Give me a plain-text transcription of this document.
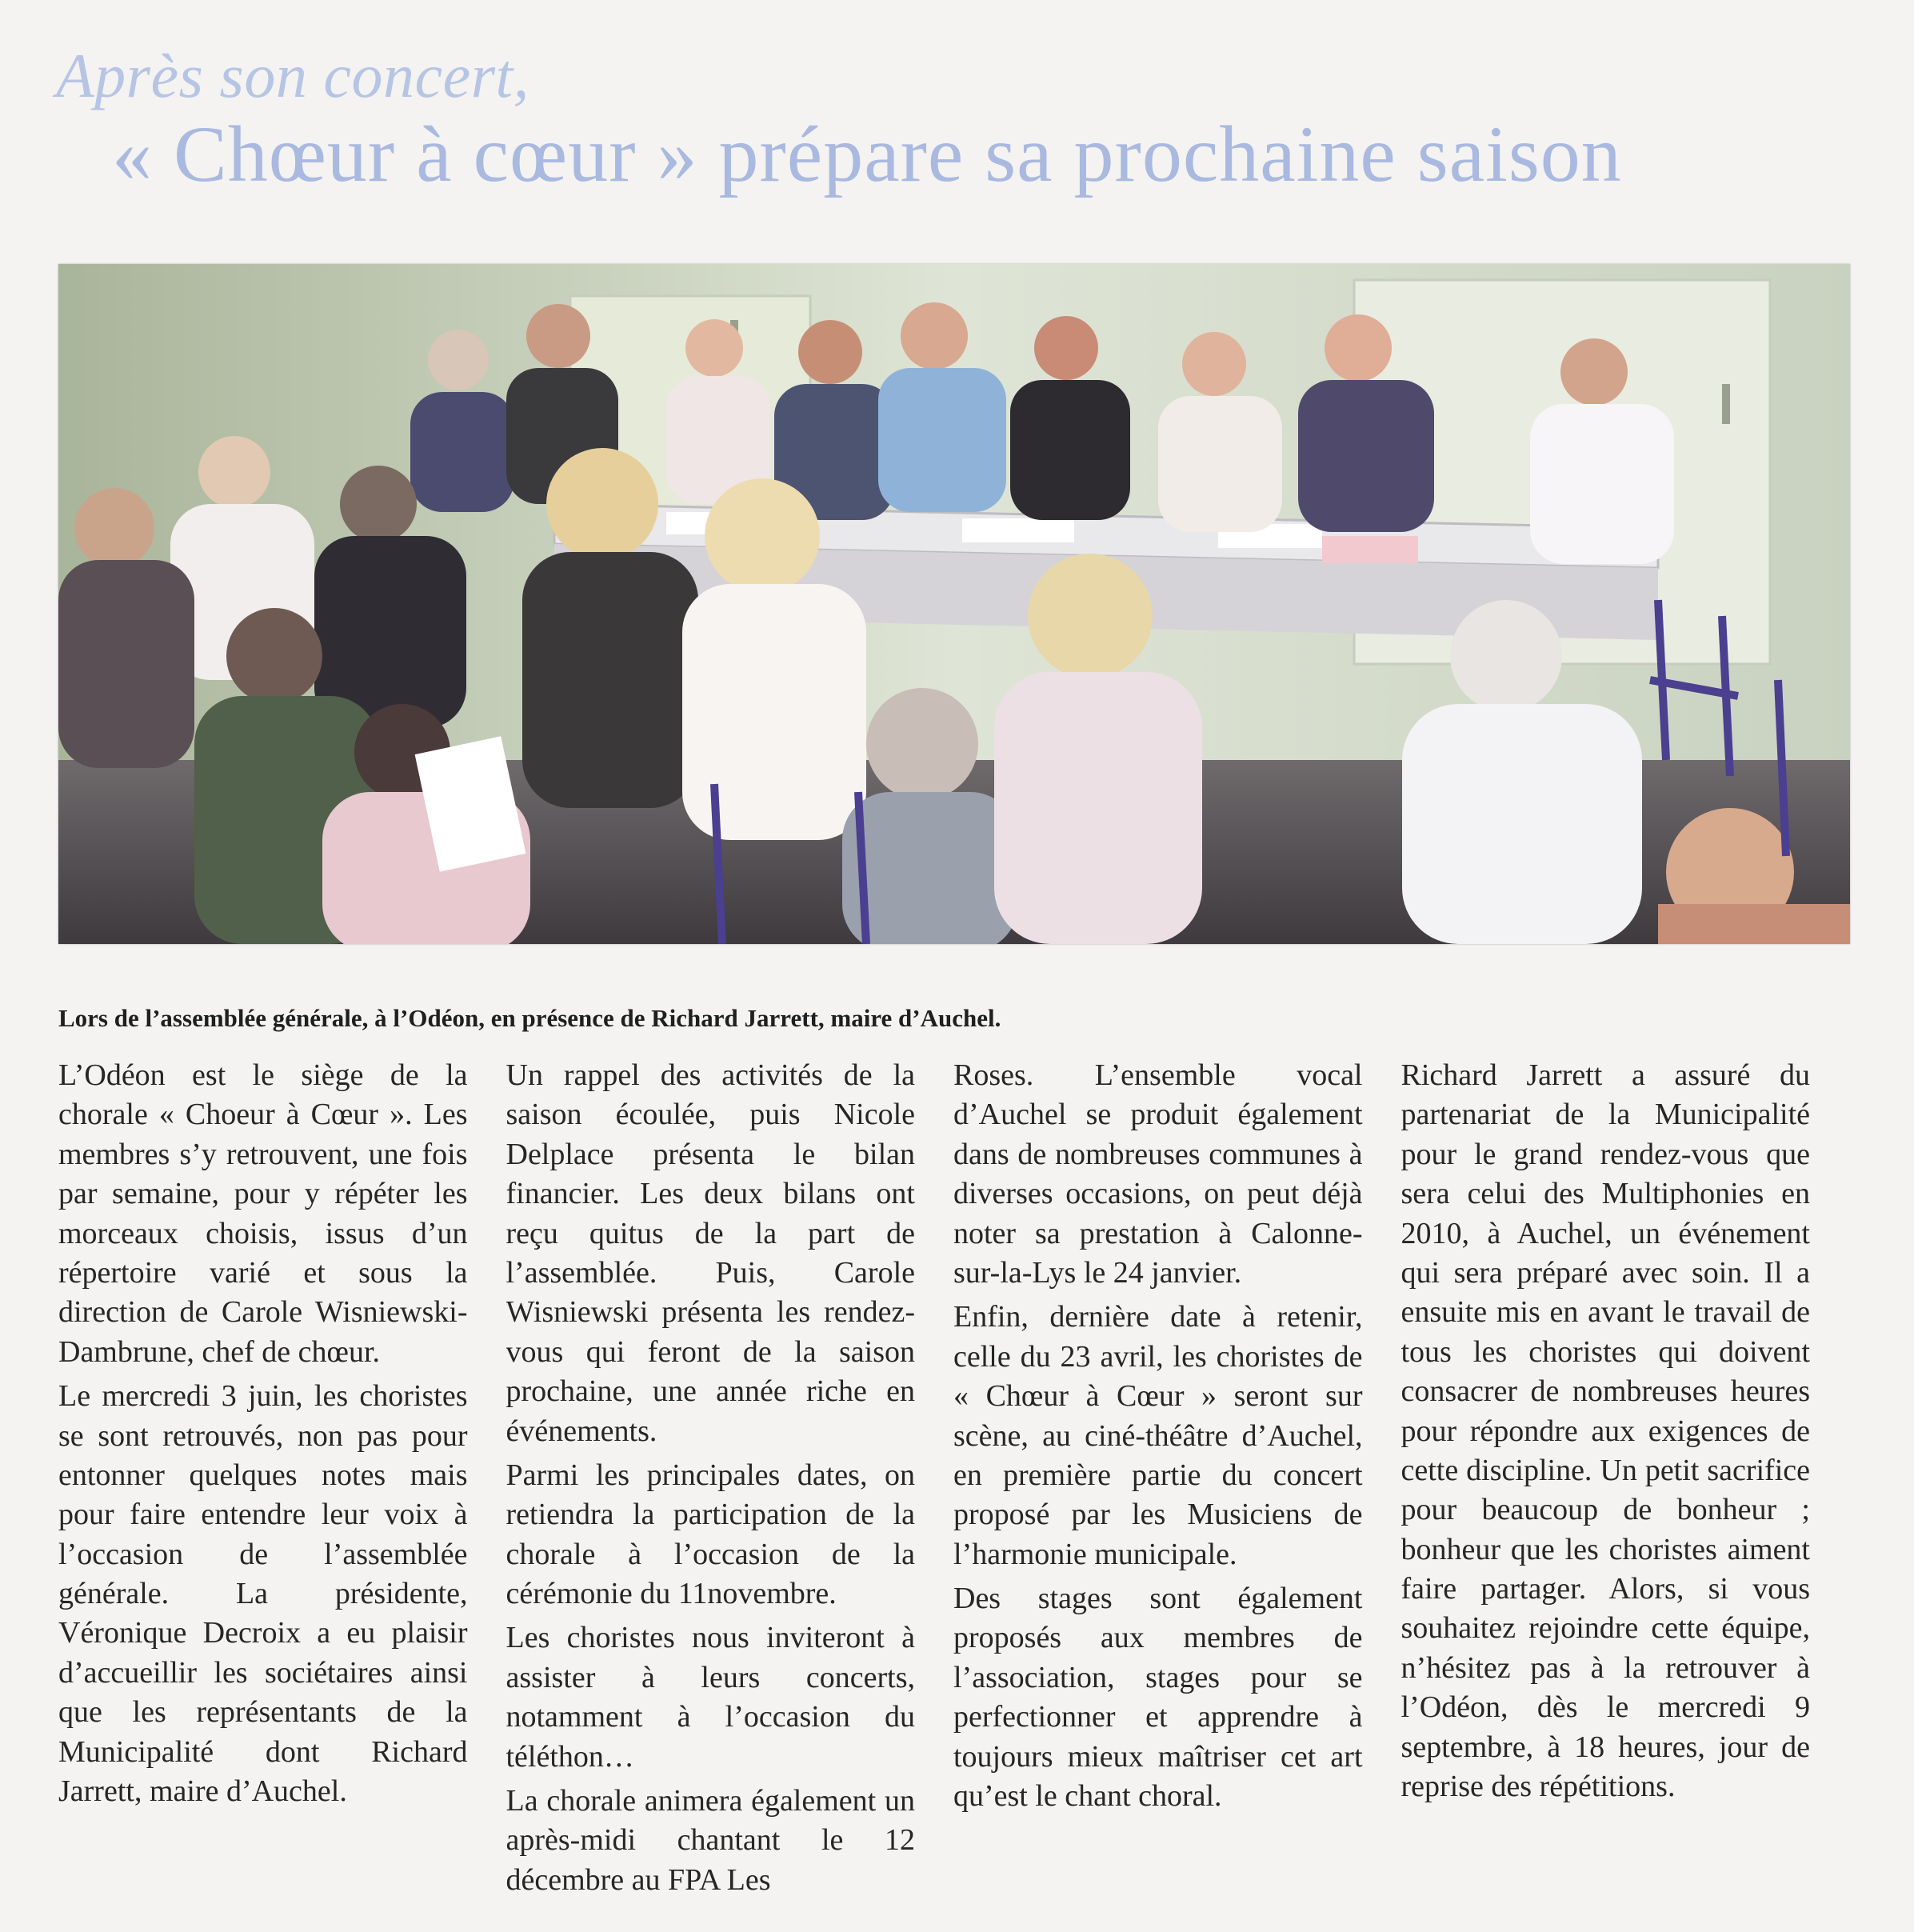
Après son concert,
« Chœur à cœur » prépare sa prochaine saison
Lors de l’assemblée générale, à l’Odéon, en présence de Richard Jarrett, maire d’Auchel.

L’Odéon est le siège de la chorale « Choeur à Cœur ». Les membres s’y retrouvent, une fois par semaine, pour y répéter les morceaux choisis, issus d’un répertoire varié et sous la direction de Carole Wisniewski-Dambrune, chef de chœur.

Le mercredi 3 juin, les choristes se sont retrouvés, non pas pour entonner quelques notes mais pour faire entendre leur voix à l’occasion de l’assemblée générale. La présidente, Véronique Decroix a eu plaisir d’accueillir les sociétaires ainsi que les représentants de la Municipalité dont Richard Jarrett, maire d’Auchel.

Un rappel des activités de la saison écoulée, puis Nicole Delplace présenta le bilan financier. Les deux bilans ont reçu quitus de la part de l’assemblée. Puis, Carole Wisniewski présenta les rendez-vous qui feront de la saison prochaine, une année riche en événements.

Parmi les principales dates, on retiendra la participation de la chorale à l’occasion de la cérémonie du 11novembre.

Les choristes nous inviteront à assister à leurs concerts, notamment à l’occasion du téléthon…

La chorale animera également un après-midi chantant le 12 décembre au FPA Les

Roses. L’ensemble vocal d’Auchel se produit également dans de nombreuses communes à diverses occasions, on peut déjà noter sa prestation à Calonne-sur-la-Lys le 24 janvier.

Enfin, dernière date à retenir, celle du 23 avril, les choristes de « Chœur à Cœur » seront sur scène, au ciné-théâtre d’Auchel, en première partie du concert proposé par les Musiciens de l’harmonie municipale.

Des stages sont également proposés aux membres de l’association, stages pour se perfectionner et apprendre à toujours mieux maîtriser cet art qu’est le chant choral.

Richard Jarrett a assuré du partenariat de la Municipalité pour le grand rendez-vous que sera celui des Multiphonies en 2010, à Auchel, un événement qui sera préparé avec soin. Il a ensuite mis en avant le travail de tous les choristes qui doivent consacrer de nombreuses heures pour répondre aux exigences de cette discipline. Un petit sacrifice pour beaucoup de bonheur ; bonheur que les choristes aiment faire partager. Alors, si vous souhaitez rejoindre cette équipe, n’hésitez pas à la retrouver à l’Odéon, dès le mercredi 9 septembre, à 18 heures, jour de reprise des répétitions.
